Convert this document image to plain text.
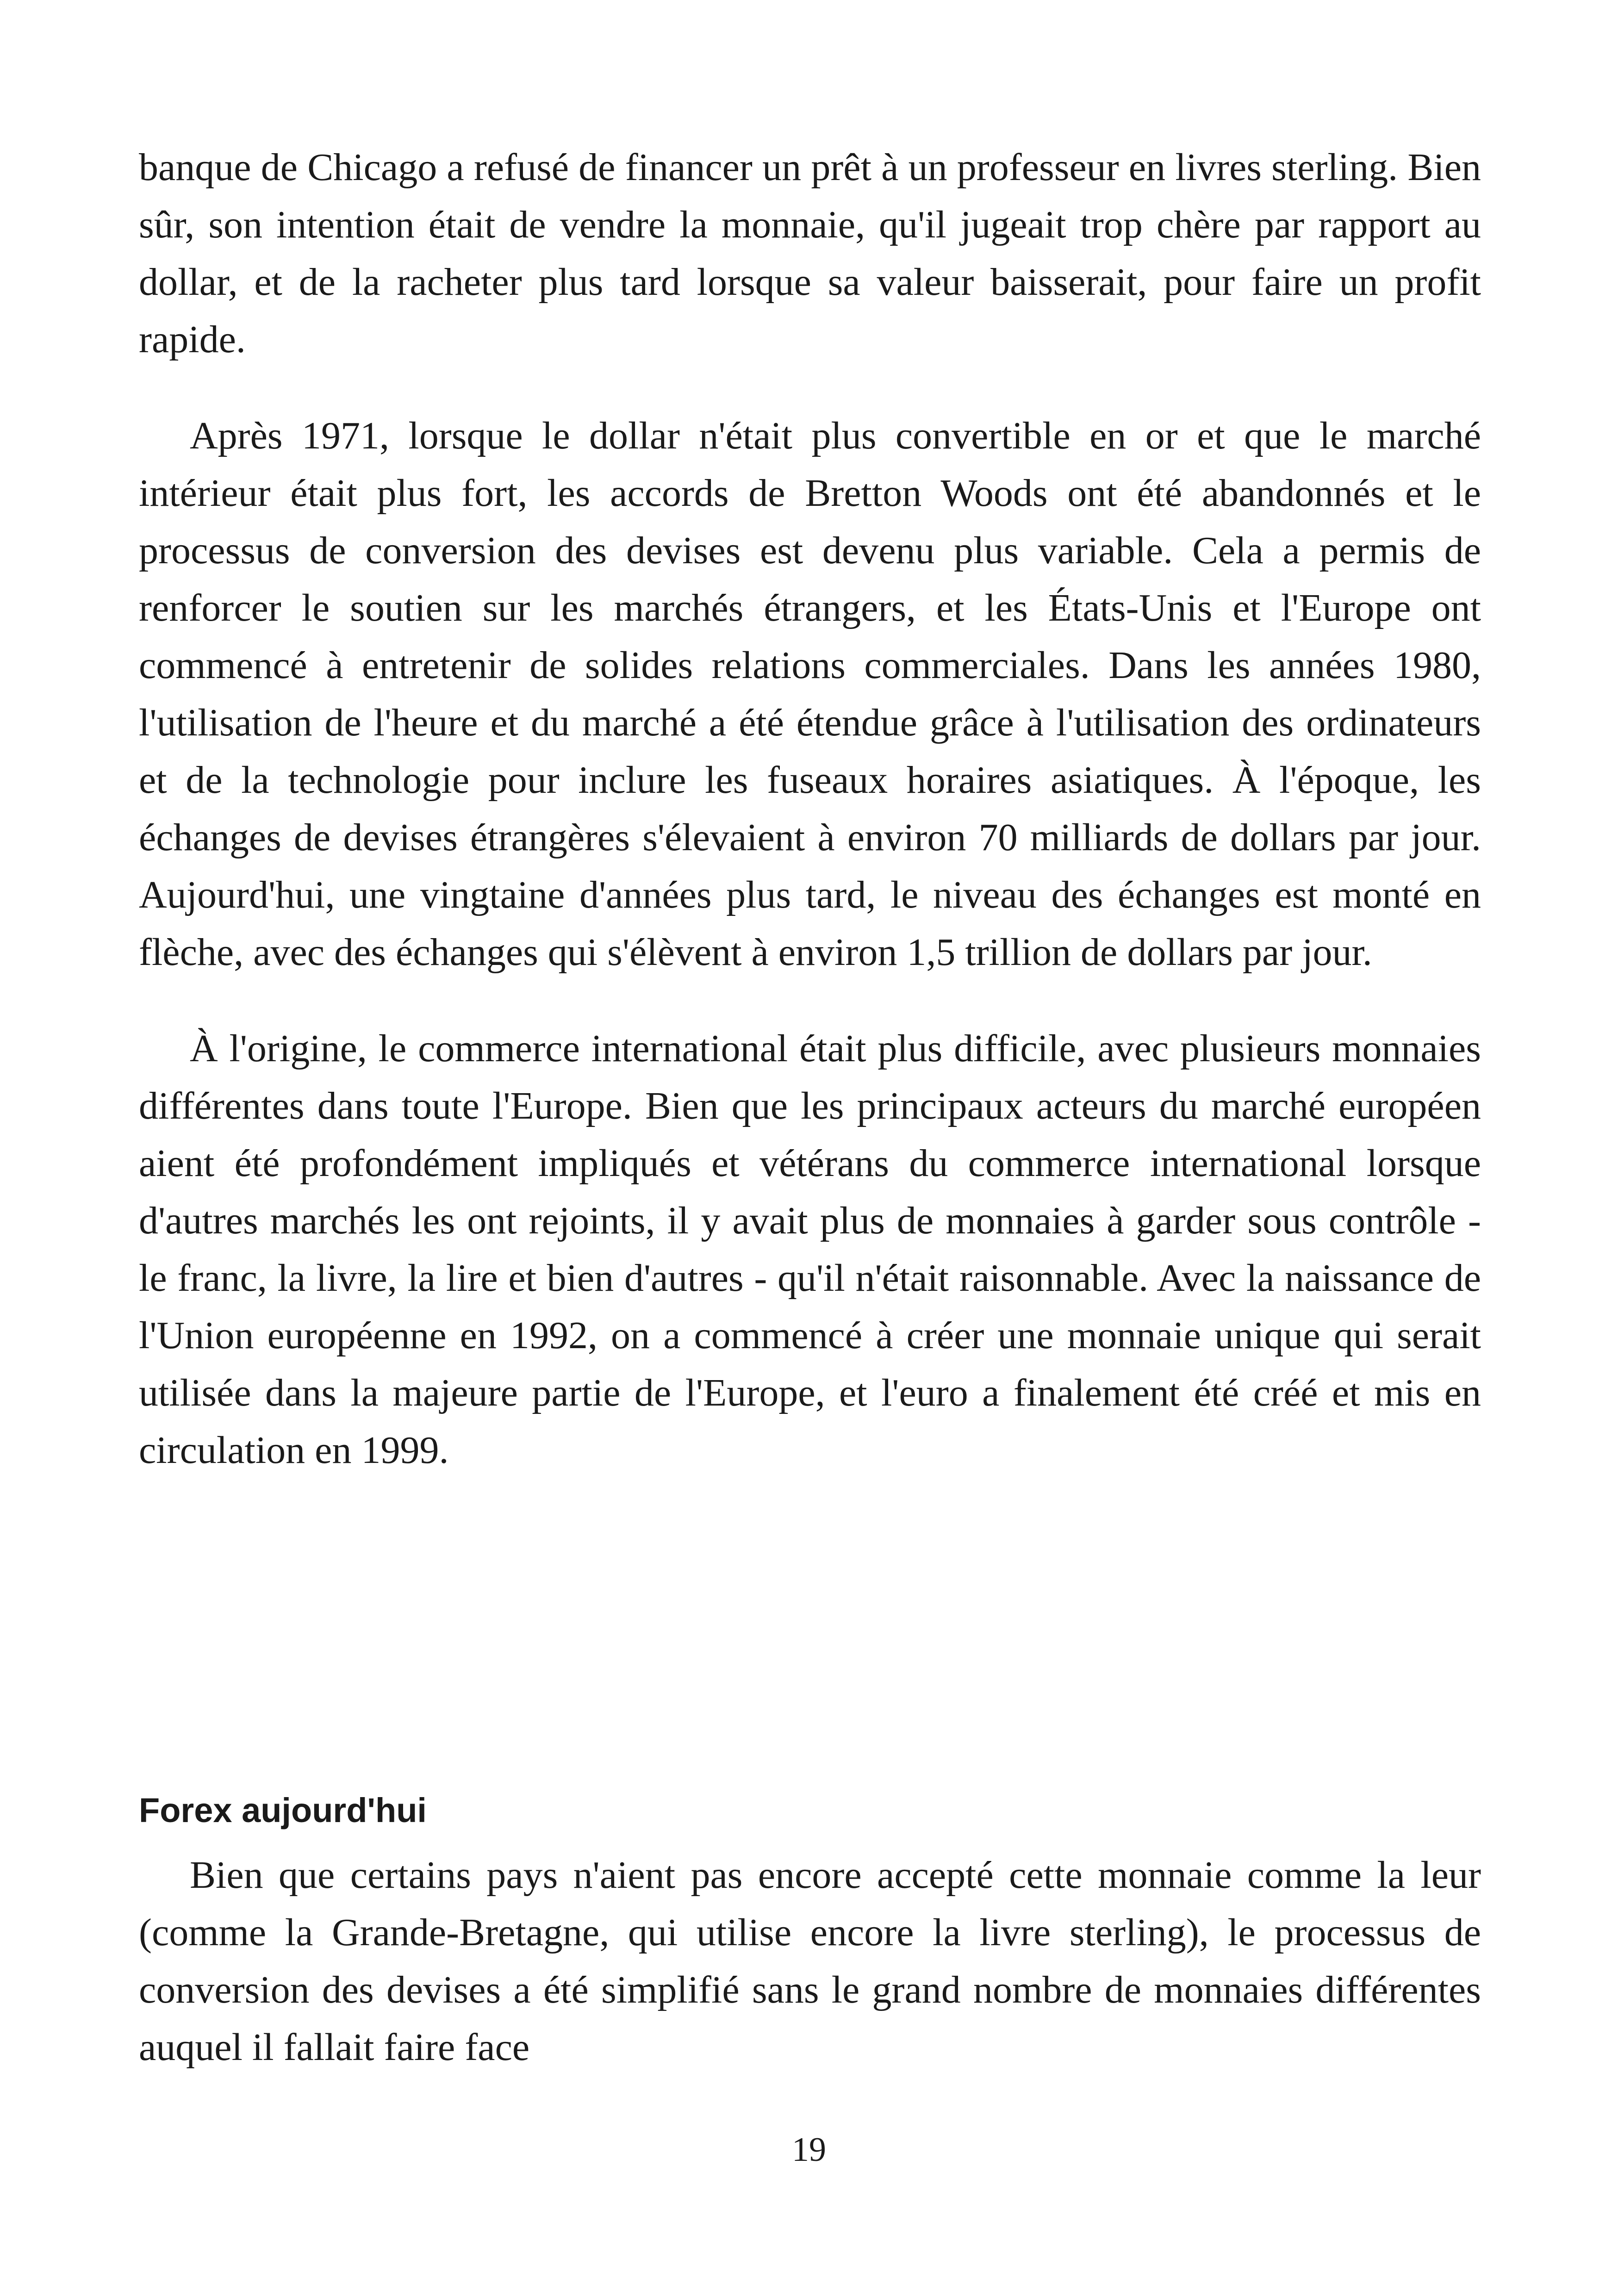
banque de Chicago a refusé de financer un prêt à un professeur en livres sterling. Bien sûr, son intention était de vendre la monnaie, qu'il jugeait trop chère par rapport au dollar, et de la racheter plus tard lorsque sa valeur baisserait, pour faire un profit rapide.

Après 1971, lorsque le dollar n'était plus convertible en or et que le marché intérieur était plus fort, les accords de Bretton Woods ont été abandonnés et le processus de conversion des devises est devenu plus variable. Cela a permis de renforcer le soutien sur les marchés étrangers, et les États-Unis et l'Europe ont commencé à entretenir de solides relations commerciales. Dans les années 1980, l'utilisation de l'heure et du marché a été étendue grâce à l'utilisation des ordinateurs et de la technologie pour inclure les fuseaux horaires asiatiques. À l'époque, les échanges de devises étrangères s'élevaient à environ 70 milliards de dollars par jour. Aujourd'hui, une vingtaine d'années plus tard, le niveau des échanges est monté en flèche, avec des échanges qui s'élèvent à environ 1,5 trillion de dollars par jour.

À l'origine, le commerce international était plus difficile, avec plusieurs monnaies différentes dans toute l'Europe. Bien que les principaux acteurs du marché européen aient été profondément impliqués et vétérans du commerce international lorsque d'autres marchés les ont rejoints, il y avait plus de monnaies à garder sous contrôle - le franc, la livre, la lire et bien d'autres - qu'il n'était raisonnable. Avec la naissance de l'Union européenne en 1992, on a commencé à créer une monnaie unique qui serait utilisée dans la majeure partie de l'Europe, et l'euro a finalement été créé et mis en circulation en 1999.

Forex aujourd'hui

Bien que certains pays n'aient pas encore accepté cette monnaie comme la leur (comme la Grande-Bretagne, qui utilise encore la livre sterling), le processus de conversion des devises a été simplifié sans le grand nombre de monnaies différentes auquel il fallait faire face

19
